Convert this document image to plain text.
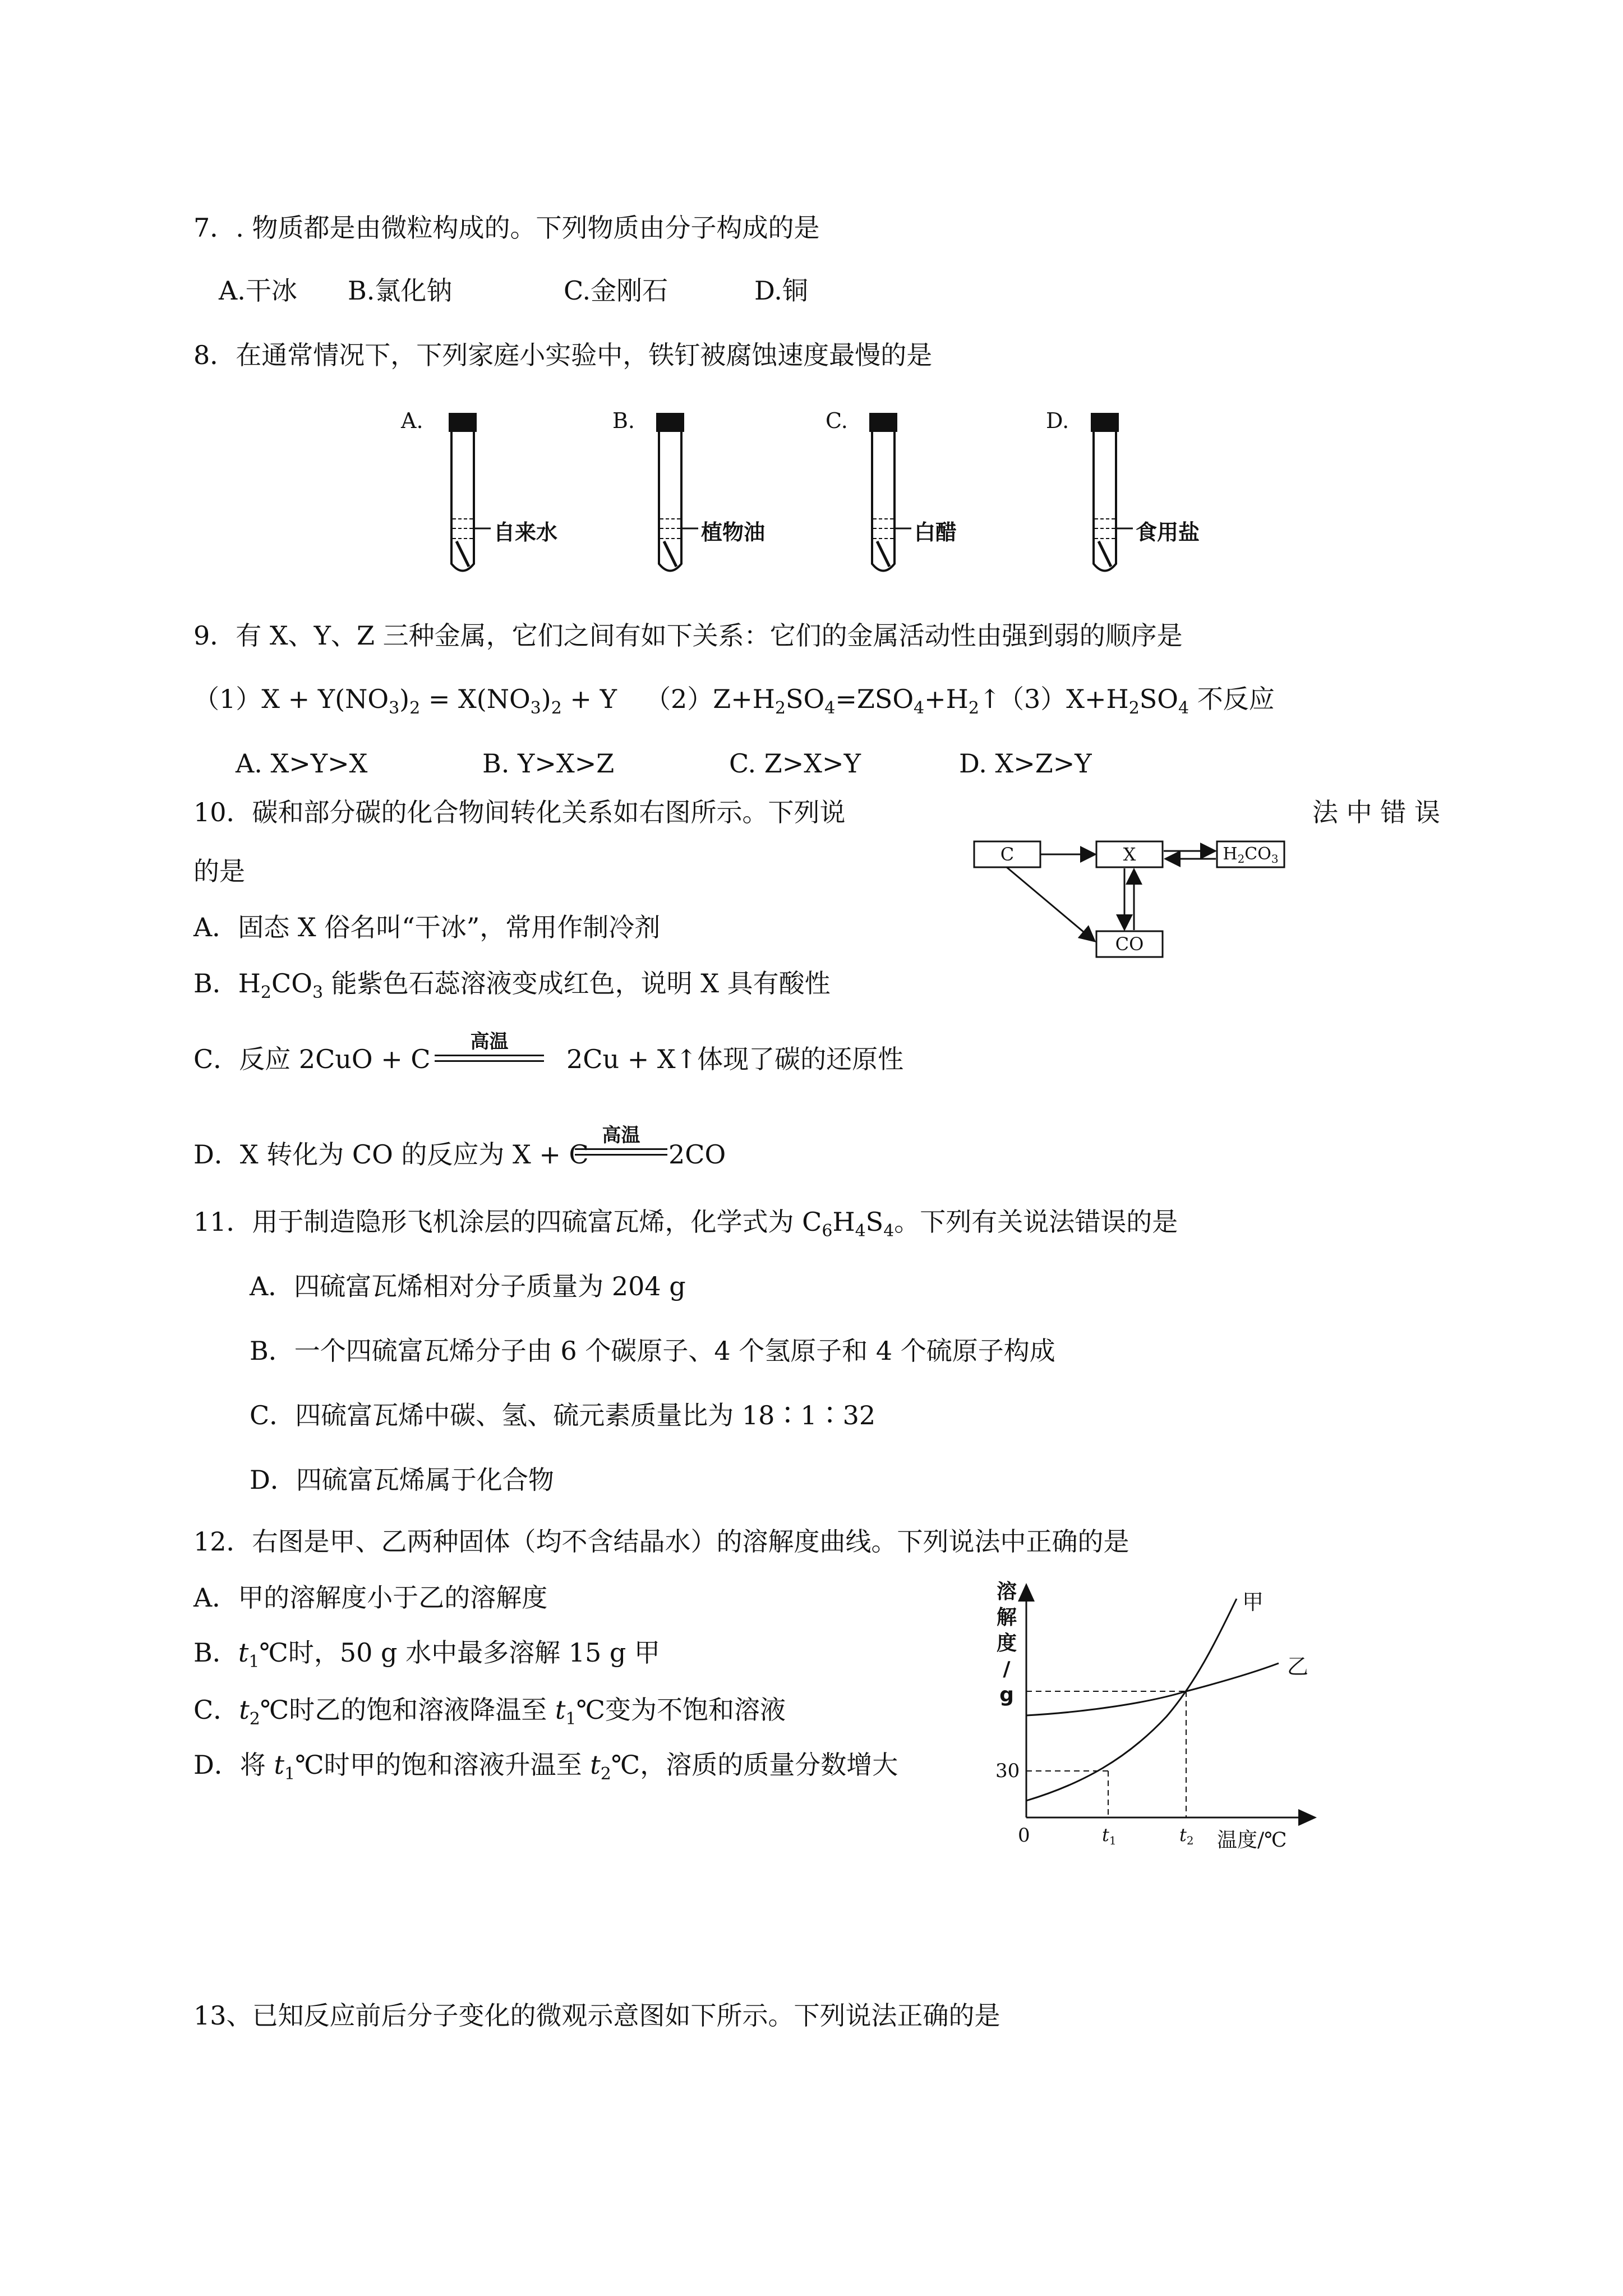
7．. 物质都是由微粒构成的。下列物质由分子构成的是
A.干冰 B.氯化钠	C.金刚石	D.铜
8．在通常情况下，下列家庭小实验中，铁钉被腐蚀速度最慢的是
A.
自来水
B.
植物油
C.
白醋
D.
食用盐
9．有 X、Y、Z 三种金属，它们之间有如下关系：它们的金属活动性由强到弱的顺序是
$(1)X + Y(NO_3)_2 = X(NO_3)_2 + Y$ $(2)Z+H_2SO_4=ZSO_4+H_2↑$
$(3)X+H_2SO_4$ 不反应
A. X>Y>X	B. Y>X>Z	C. Z>X>Y	D. X>Z>Y
10．碳和部分碳的化合物间转化关系如右图所示。下列说	法 中 错 误
的是
A．固态 X 俗名叫“干冰”，常用作制冷剂
B．$H_2CO_3$ 能紫色石蕊溶液变成红色，说明 X 具有酸性
C．反应 2CuO + C
高温
2Cu + X↑体现了碳的还原性
D．X 转化为 CO 的反应为 X + C
高温
2CO
C	X	$H_2CO_3$
CO
11．用于制造隐形飞机涂层的四硫富瓦烯，化学式为 $C_6H_4S_4$。下列有关说法错误的是
A．四硫富瓦烯相对分子质量为 204 g
B．一个四硫富瓦烯分子由 6 个碳原子、4 个氢原子和 4 个硫原子构成
C．四硫富瓦烯中碳、氢、硫元素质量比为 18∶1∶32
D．四硫富瓦烯属于化合物
12．右图是甲、乙两种固体（均不含结晶水）的溶解度曲线。下列说法中正确的是
A．甲的溶解度小于乙的溶解度
B．$t_1℃$时，50 g 水中最多溶解 15 g 甲
C．$t_2℃$时乙的饱和溶液降温至 $t_1℃$变为不饱和溶液
D．将 $t_1℃$时甲的饱和溶液升温至 $t_2℃$，溶质的质量分数增大
溶
解
度
/
g
30
0	t1	t2 温度/℃
甲
乙
13、已知反应前后分子变化的微观示意图如下所示。下列说法正确的是
